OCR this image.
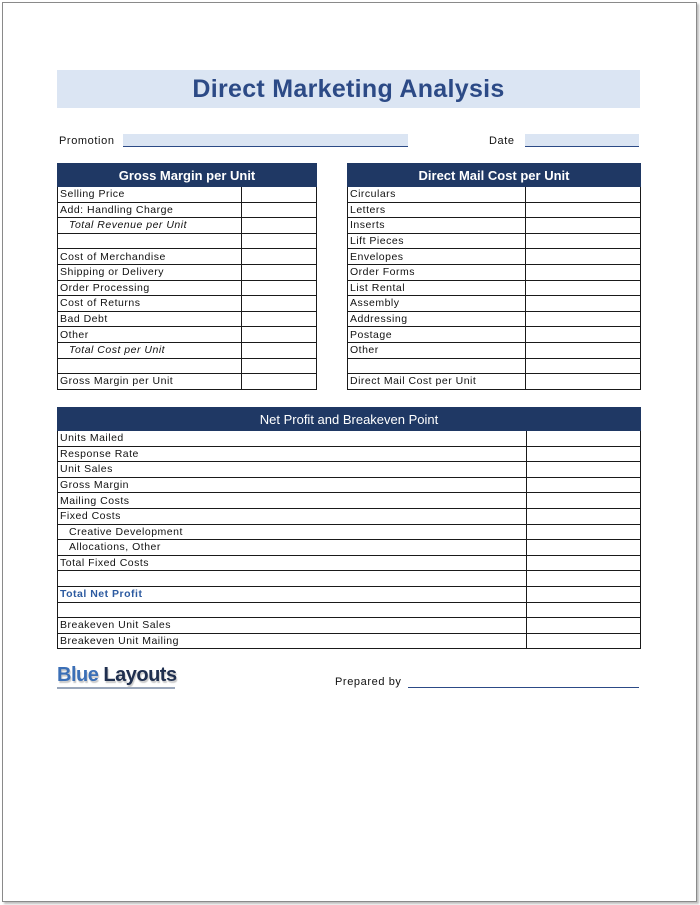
Direct Marketing Analysis
Promotion	Date
Gross Margin per Unit	
Selling Price	
Add: Handling Charge	
Total Revenue per Unit	

Cost of Merchandise	
Shipping or Delivery	
Order Processing	
Cost of Returns	
Bad Debt	
Other	
Total Cost per Unit	

Gross Margin per Unit	
Direct Mail Cost per Unit	
Circulars	
Letters	
Inserts	
Lift Pieces	
Envelopes	
Order Forms	
List Rental	
Assembly	
Addressing	
Postage	
Other	

Direct Mail Cost per Unit	
Net Profit and Breakeven Point	
Units Mailed	
Response Rate	
Unit Sales	
Gross Margin	
Mailing Costs	
Fixed Costs	
Creative Development	
Allocations, Other	
Total Fixed Costs	

Total Net Profit	

Breakeven Unit Sales	
Breakeven Unit Mailing	
Blue Layouts	Prepared by
